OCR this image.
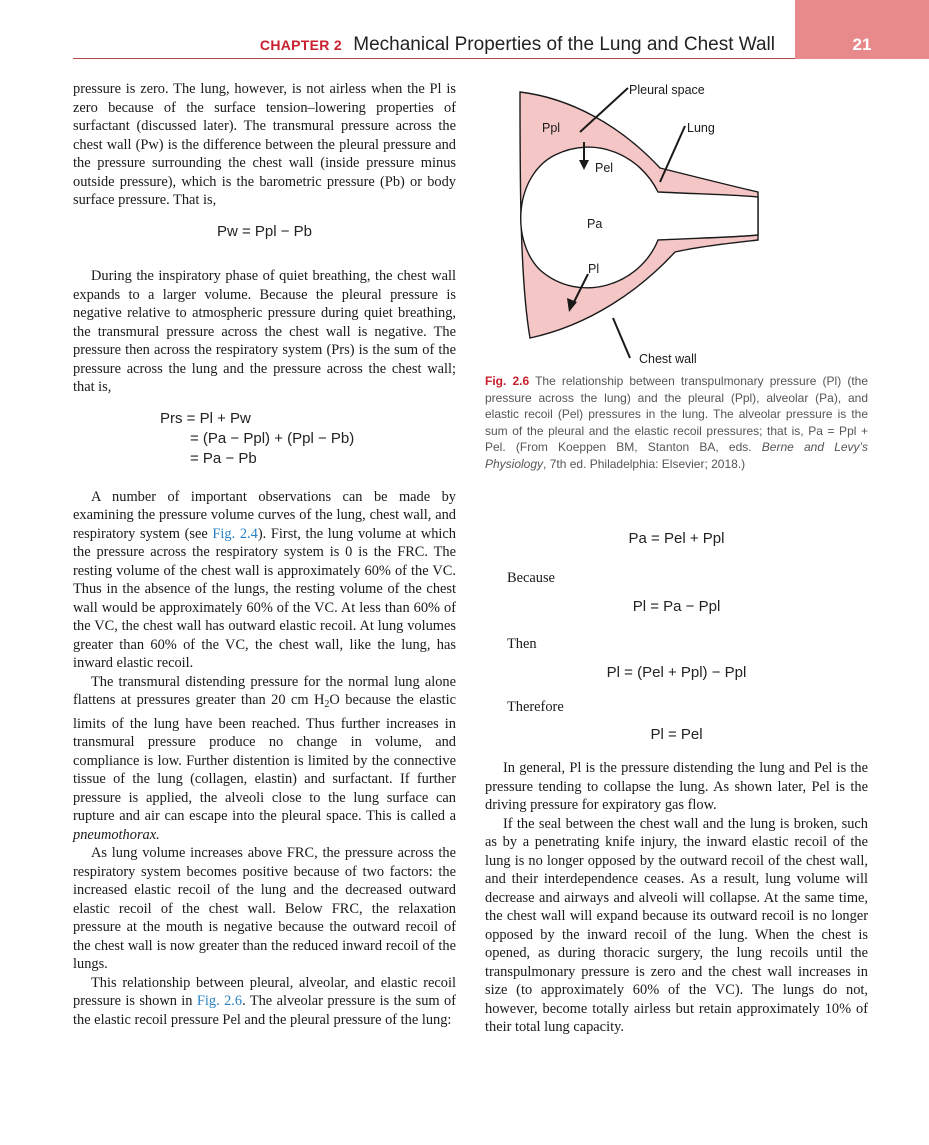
CHAPTER 2 Mechanical Properties of the Lung and Chest Wall	21

pressure is zero. The lung, however, is not airless when the Pl is zero because of the surface tension–lowering properties of surfactant (discussed later). The transmural pressure across the chest wall (Pw) is the difference between the pleural pressure and the pressure surrounding the chest wall (inside pressure minus outside pressure), which is the barometric pressure (Pb) or body surface pressure. That is,

Pw = Ppl − Pb

During the inspiratory phase of quiet breathing, the chest wall expands to a larger volume. Because the pleural pressure is negative relative to atmospheric pressure during quiet breathing, the transmural pressure across the chest wall is negative. The pressure then across the respiratory system (Prs) is the sum of the pressure across the lung and the pressure across the chest wall; that is,

Prs = Pl + Pw
= (Pa − Ppl) + (Ppl − Pb)
= Pa − Pb

A number of important observations can be made by examining the pressure volume curves of the lung, chest wall, and respiratory system (see Fig. 2.4). First, the lung volume at which the pressure across the respiratory system is 0 is the FRC. The resting volume of the chest wall is approximately 60% of the VC. Thus in the absence of the lungs, the resting volume of the chest wall would be approximately 60% of the VC. At less than 60% of the VC, the chest wall has outward elastic recoil. At lung volumes greater than 60% of the VC, the chest wall, like the lung, has inward elastic recoil.

The transmural distending pressure for the normal lung alone flattens at pressures greater than 20 cm $H_2O$ because the elastic limits of the lung have been reached. Thus further increases in transmural pressure produce no change in volume, and compliance is low. Further distention is limited by the connective tissue of the lung (collagen, elastin) and surfactant. If further pressure is applied, the alveoli close to the lung surface can rupture and air can escape into the pleural space. This is called a pneumothorax.

As lung volume increases above FRC, the pressure across the respiratory system becomes positive because of two factors: the increased elastic recoil of the lung and the decreased outward elastic recoil of the chest wall. Below FRC, the relaxation pressure at the mouth is negative because the outward recoil of the chest wall is now greater than the reduced inward recoil of the lungs.

This relationship between pleural, alveolar, and elastic recoil pressure is shown in Fig. 2.6. The alveolar pressure is the sum of the elastic recoil pressure Pel and the pleural pressure of the lung:

Pleural space
Lung
Ppl
Pel
Pa
Pl
Chest wall
Fig. 2.6 The relationship between transpulmonary pressure (Pl) (the pressure across the lung) and the pleural (Ppl), alveolar (Pa), and elastic recoil (Pel) pressures in the lung. The alveolar pressure is the sum of the pleural and the elastic recoil pressures; that is, Pa = Ppl + Pel. (From Koeppen BM, Stanton BA, eds. Berne and Levy’s Physiology, 7th ed. Philadelphia: Elsevier; 2018.)
Pa = Pel + Ppl
Because
Pl = Pa − Ppl
Then
Pl = (Pel + Ppl) − Ppl
Therefore
Pl = Pel

In general, Pl is the pressure distending the lung and Pel is the pressure tending to collapse the lung. As shown later, Pel is the driving pressure for expiratory gas flow.

If the seal between the chest wall and the lung is broken, such as by a penetrating knife injury, the inward elastic recoil of the lung is no longer opposed by the outward recoil of the chest wall, and their interdependence ceases. As a result, lung volume will decrease and airways and alveoli will collapse. At the same time, the chest wall will expand because its outward recoil is no longer opposed by the inward recoil of the lung. When the chest is opened, as during thoracic surgery, the lung recoils until the transpulmonary pressure is zero and the chest wall increases in size (to approximately 60% of the VC). The lungs do not, however, become totally airless but retain approximately 10% of their total lung capacity.
